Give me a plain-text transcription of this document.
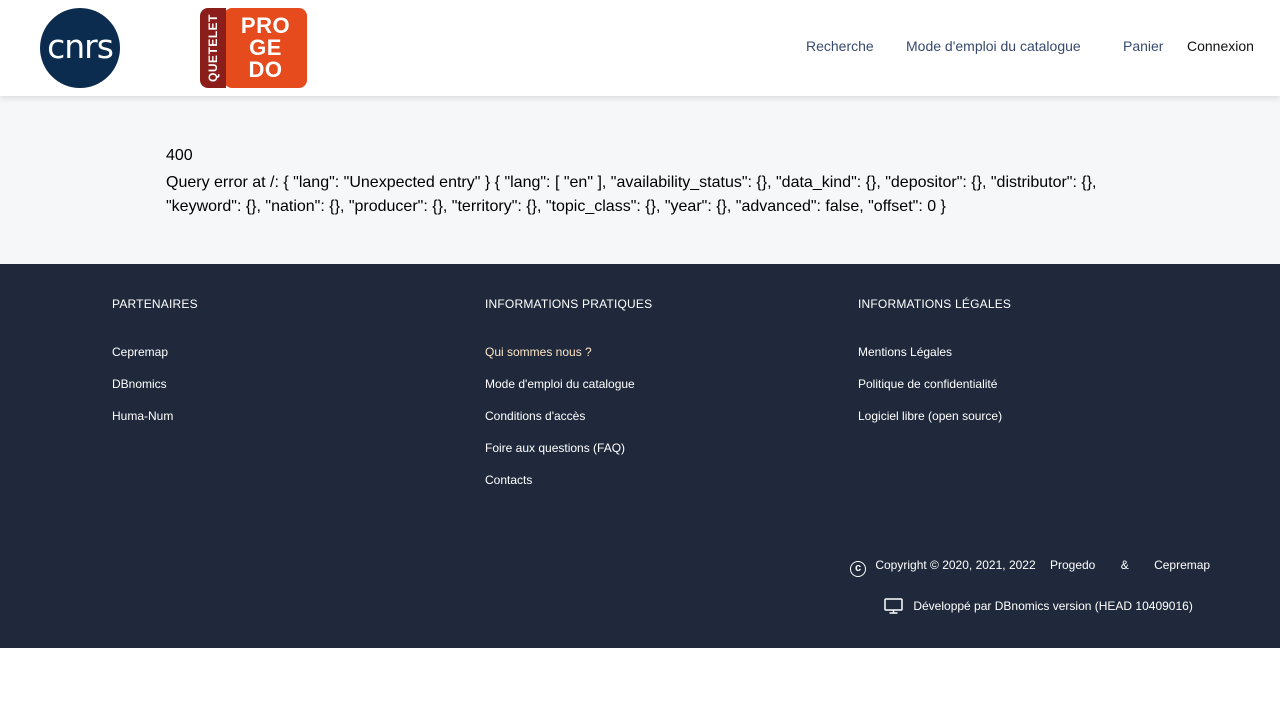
cnrs	QUETELET PRO
GE
DO
Recherche Mode d'emploi du catalogue	Panier Connexion
400
Query error at /: { "lang": "Unexpected entry" } { "lang": [ "en" ], "availability_status": {}, "data_kind": {}, "depositor": {}, "distributor": {}, "keyword": {}, "nation": {}, "producer": {}, "territory": {}, "topic_class": {}, "year": {}, "advanced": false, "offset": 0 }
PARTENAIRES
Cepremap
DBnomics
Huma-Num
INFORMATIONS PRATIQUES
Qui sommes nous ?
Mode d'emploi du catalogue
Conditions d'accès
Foire aux questions (FAQ)
Contacts
INFORMATIONS LÉGALES
Mentions Légales
Politique de confidentialité
Logiciel libre (open source)
c Copyright © 2020, 2021, 2022 Progedo & Cepremap
Développé par DBnomics version (HEAD 10409016)
